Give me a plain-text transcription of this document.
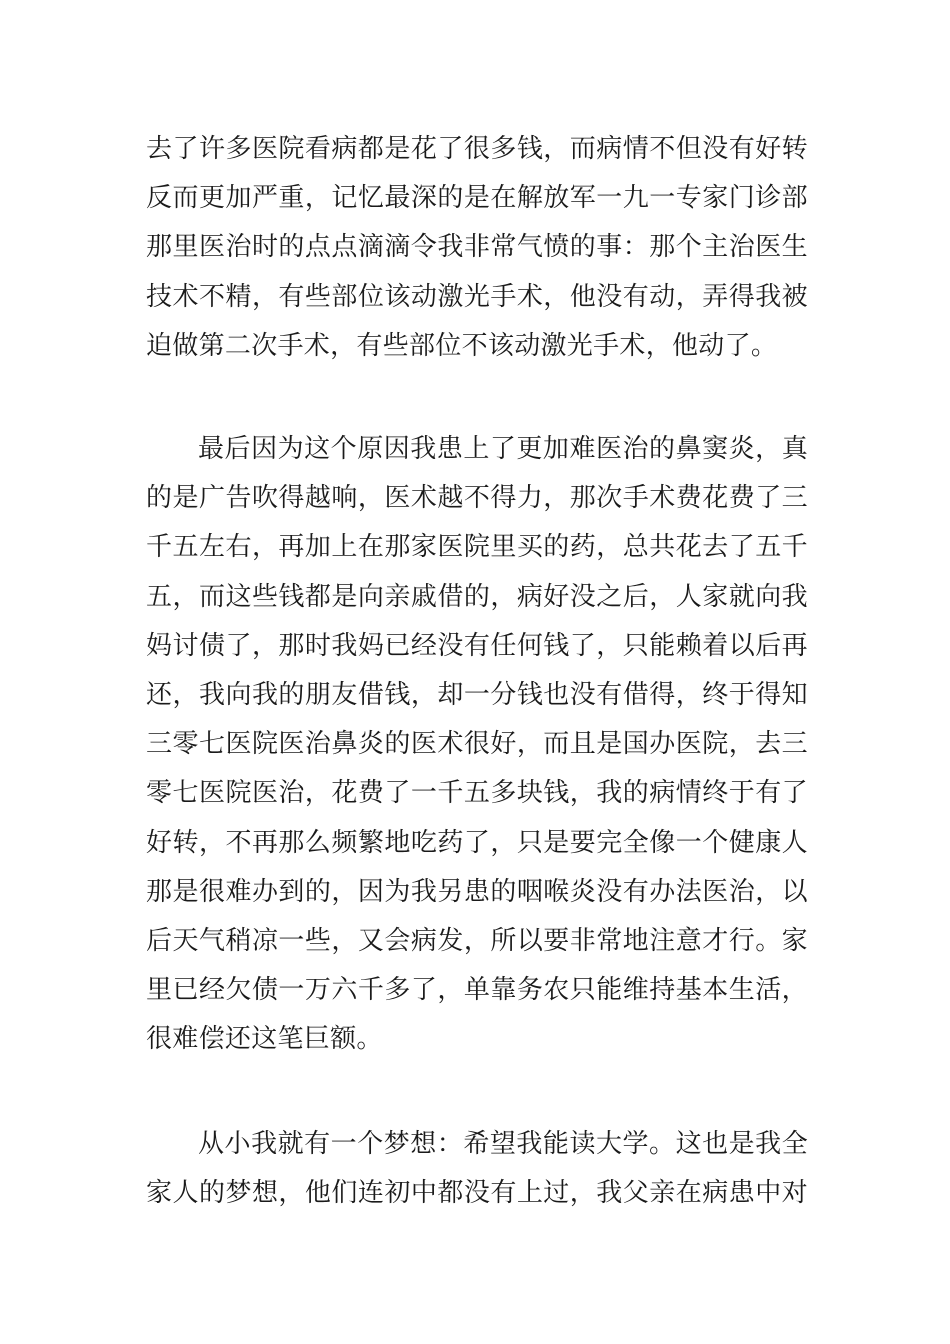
去了许多医院看病都是花了很多钱，而病情不但没有好转
反而更加严重，记忆最深的是在解放军一九一专家门诊部
那里医治时的点点滴滴令我非常气愤的事：那个主治医生
技术不精，有些部位该动激光手术，他没有动，弄得我被
迫做第二次手术，有些部位不该动激光手术，他动了。
最后因为这个原因我患上了更加难医治的鼻窦炎，真
的是广告吹得越响，医术越不得力，那次手术费花费了三
千五左右，再加上在那家医院里买的药，总共花去了五千
五，而这些钱都是向亲戚借的，病好没之后，人家就向我
妈讨债了，那时我妈已经没有任何钱了，只能赖着以后再
还，我向我的朋友借钱，却一分钱也没有借得，终于得知
三零七医院医治鼻炎的医术很好，而且是国办医院，去三
零七医院医治，花费了一千五多块钱，我的病情终于有了
好转，不再那么频繁地吃药了，只是要完全像一个健康人
那是很难办到的，因为我另患的咽喉炎没有办法医治，以
后天气稍凉一些，又会病发，所以要非常地注意才行。家
里已经欠债一万六千多了，单靠务农只能维持基本生活，
很难偿还这笔巨额。
从小我就有一个梦想：希望我能读大学。这也是我全
家人的梦想，他们连初中都没有上过，我父亲在病患中对
